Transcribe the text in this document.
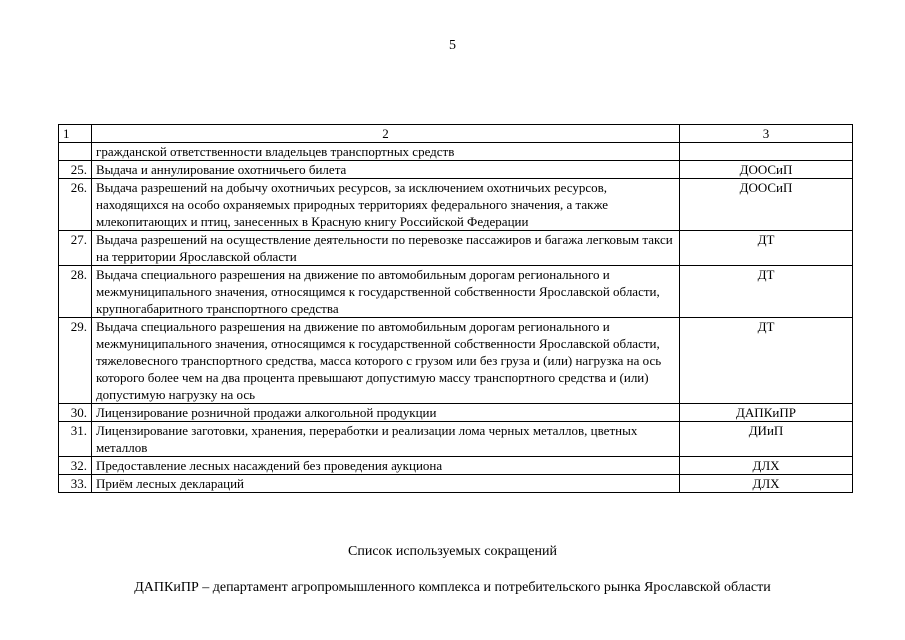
5
1	2	3
	гражданской ответственности владельцев транспортных средств	
25.	Выдача и аннулирование охотничьего билета	ДООСиП
26.	Выдача разрешений на добычу охотничьих ресурсов, за исключением охотничьих ресурсов, находящихся на особо охраняемых природных территориях федерального значения, а также млекопитающих и птиц, занесенных в Красную книгу Российской Федерации	ДООСиП
27.	Выдача разрешений на осуществление деятельности по перевозке пассажиров и багажа легковым такси на территории Ярославской области	ДТ
28.	Выдача специального разрешения на движение по автомобильным дорогам регионального и межмуниципального значения, относящимся к государственной собственности Ярославской области, крупногабаритного транспортного средства	ДТ
29.	Выдача специального разрешения на движение по автомобильным дорогам регионального и межмуниципального значения, относящимся к государственной собственности Ярославской области, тяжеловесного транспортного средства, масса которого с грузом или без груза и (или) нагрузка на ось которого более чем на два процента превышают допустимую массу транспортного средства и (или) допустимую нагрузку на ось	ДТ
30.	Лицензирование розничной продажи алкогольной продукции	ДАПКиПР
31.	Лицензирование заготовки, хранения, переработки и реализации лома черных металлов, цветных металлов	ДИиП
32.	Предоставление лесных насаждений без проведения аукциона	ДЛХ
33.	Приём лесных деклараций	ДЛХ
Список используемых сокращений
ДАПКиПР – департамент агропромышленного комплекса и потребительского рынка Ярославской области
